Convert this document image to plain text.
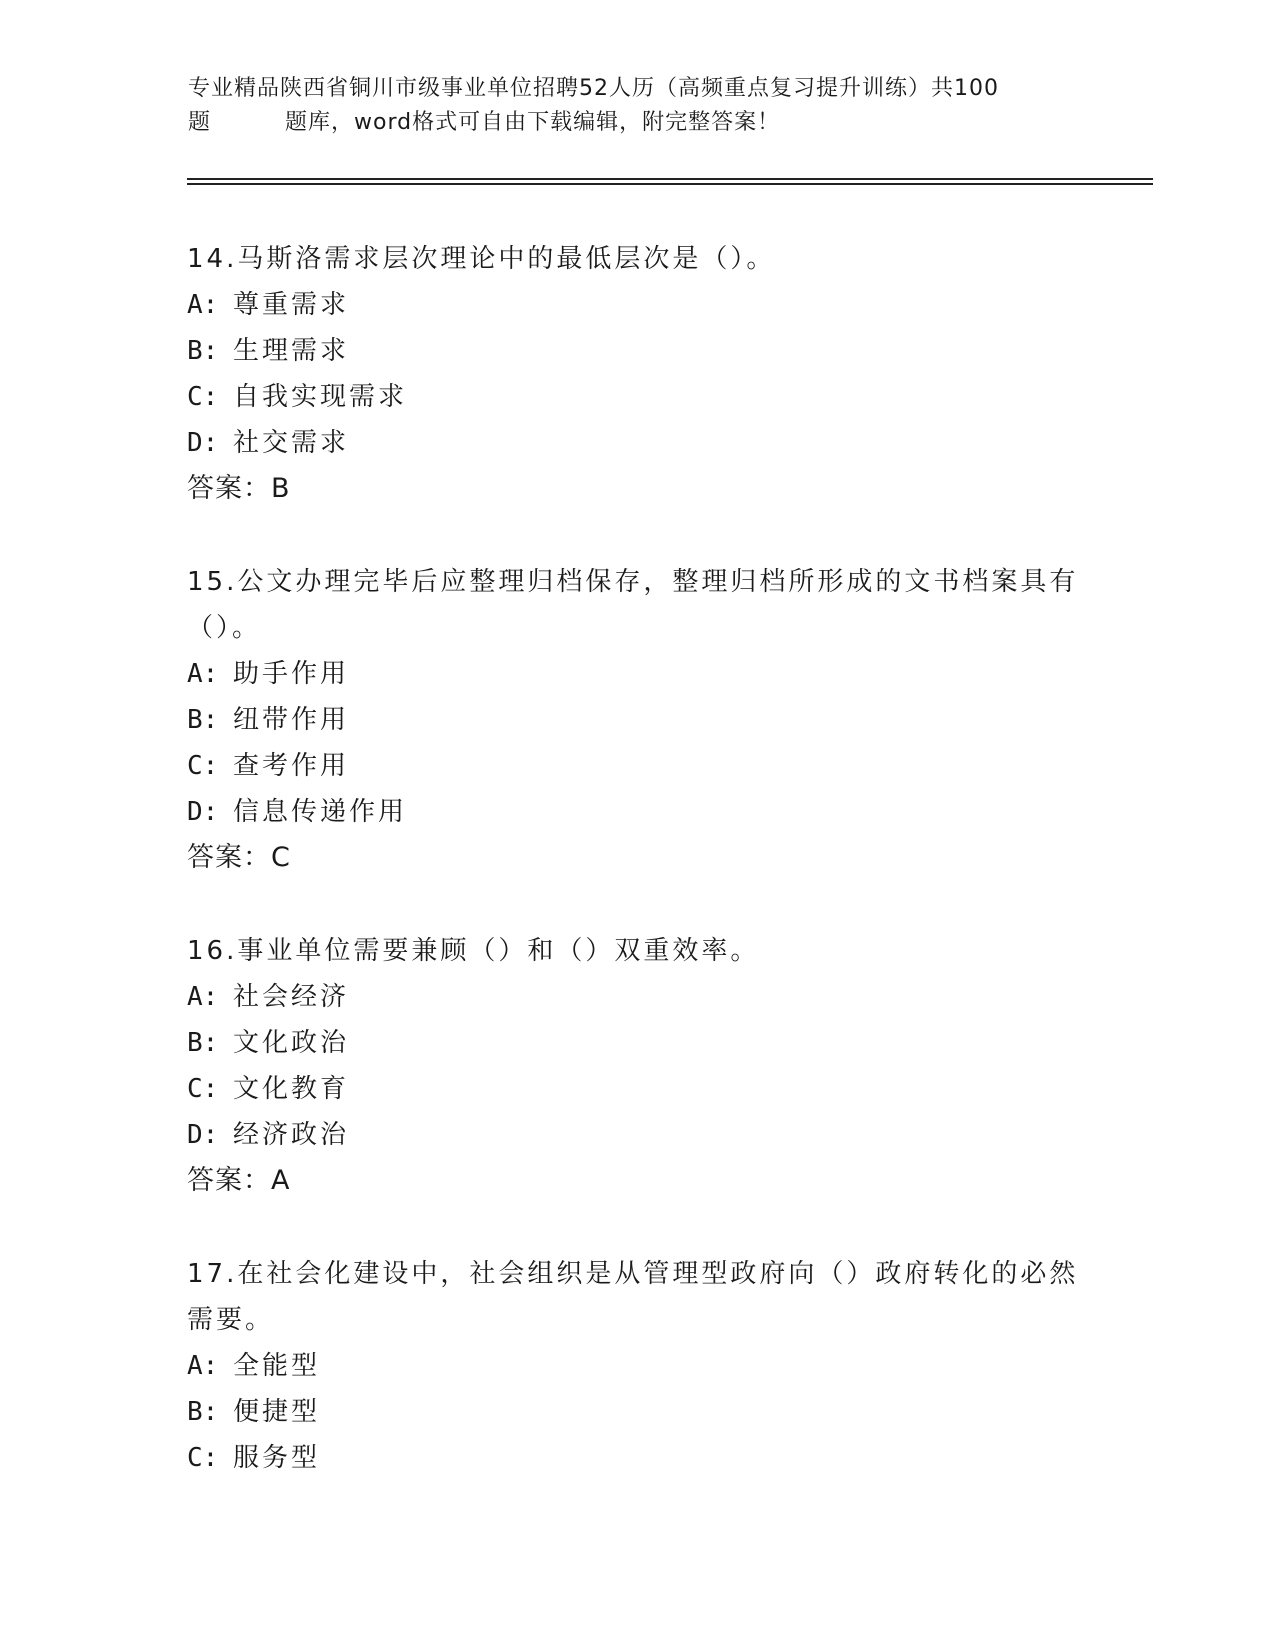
专业精品陕西省铜川市级事业单位招聘52人历（高频重点复习提升训练）共100
题	题库，word格式可自由下载编辑，附完整答案！

14.马斯洛需求层次理论中的最低层次是（）。

A: 尊重需求

B: 生理需求

C: 自我实现需求

D: 社交需求

答案：B

15.公文办理完毕后应整理归档保存，整理归档所形成的文书档案具有
（）。

A: 助手作用

B: 纽带作用

C: 查考作用

D: 信息传递作用

答案：C

16.事业单位需要兼顾（）和（）双重效率。

A: 社会经济

B: 文化政治

C: 文化教育

D: 经济政治

答案：A

17.在社会化建设中，社会组织是从管理型政府向（）政府转化的必然
需要。

A: 全能型

B: 便捷型

C: 服务型
